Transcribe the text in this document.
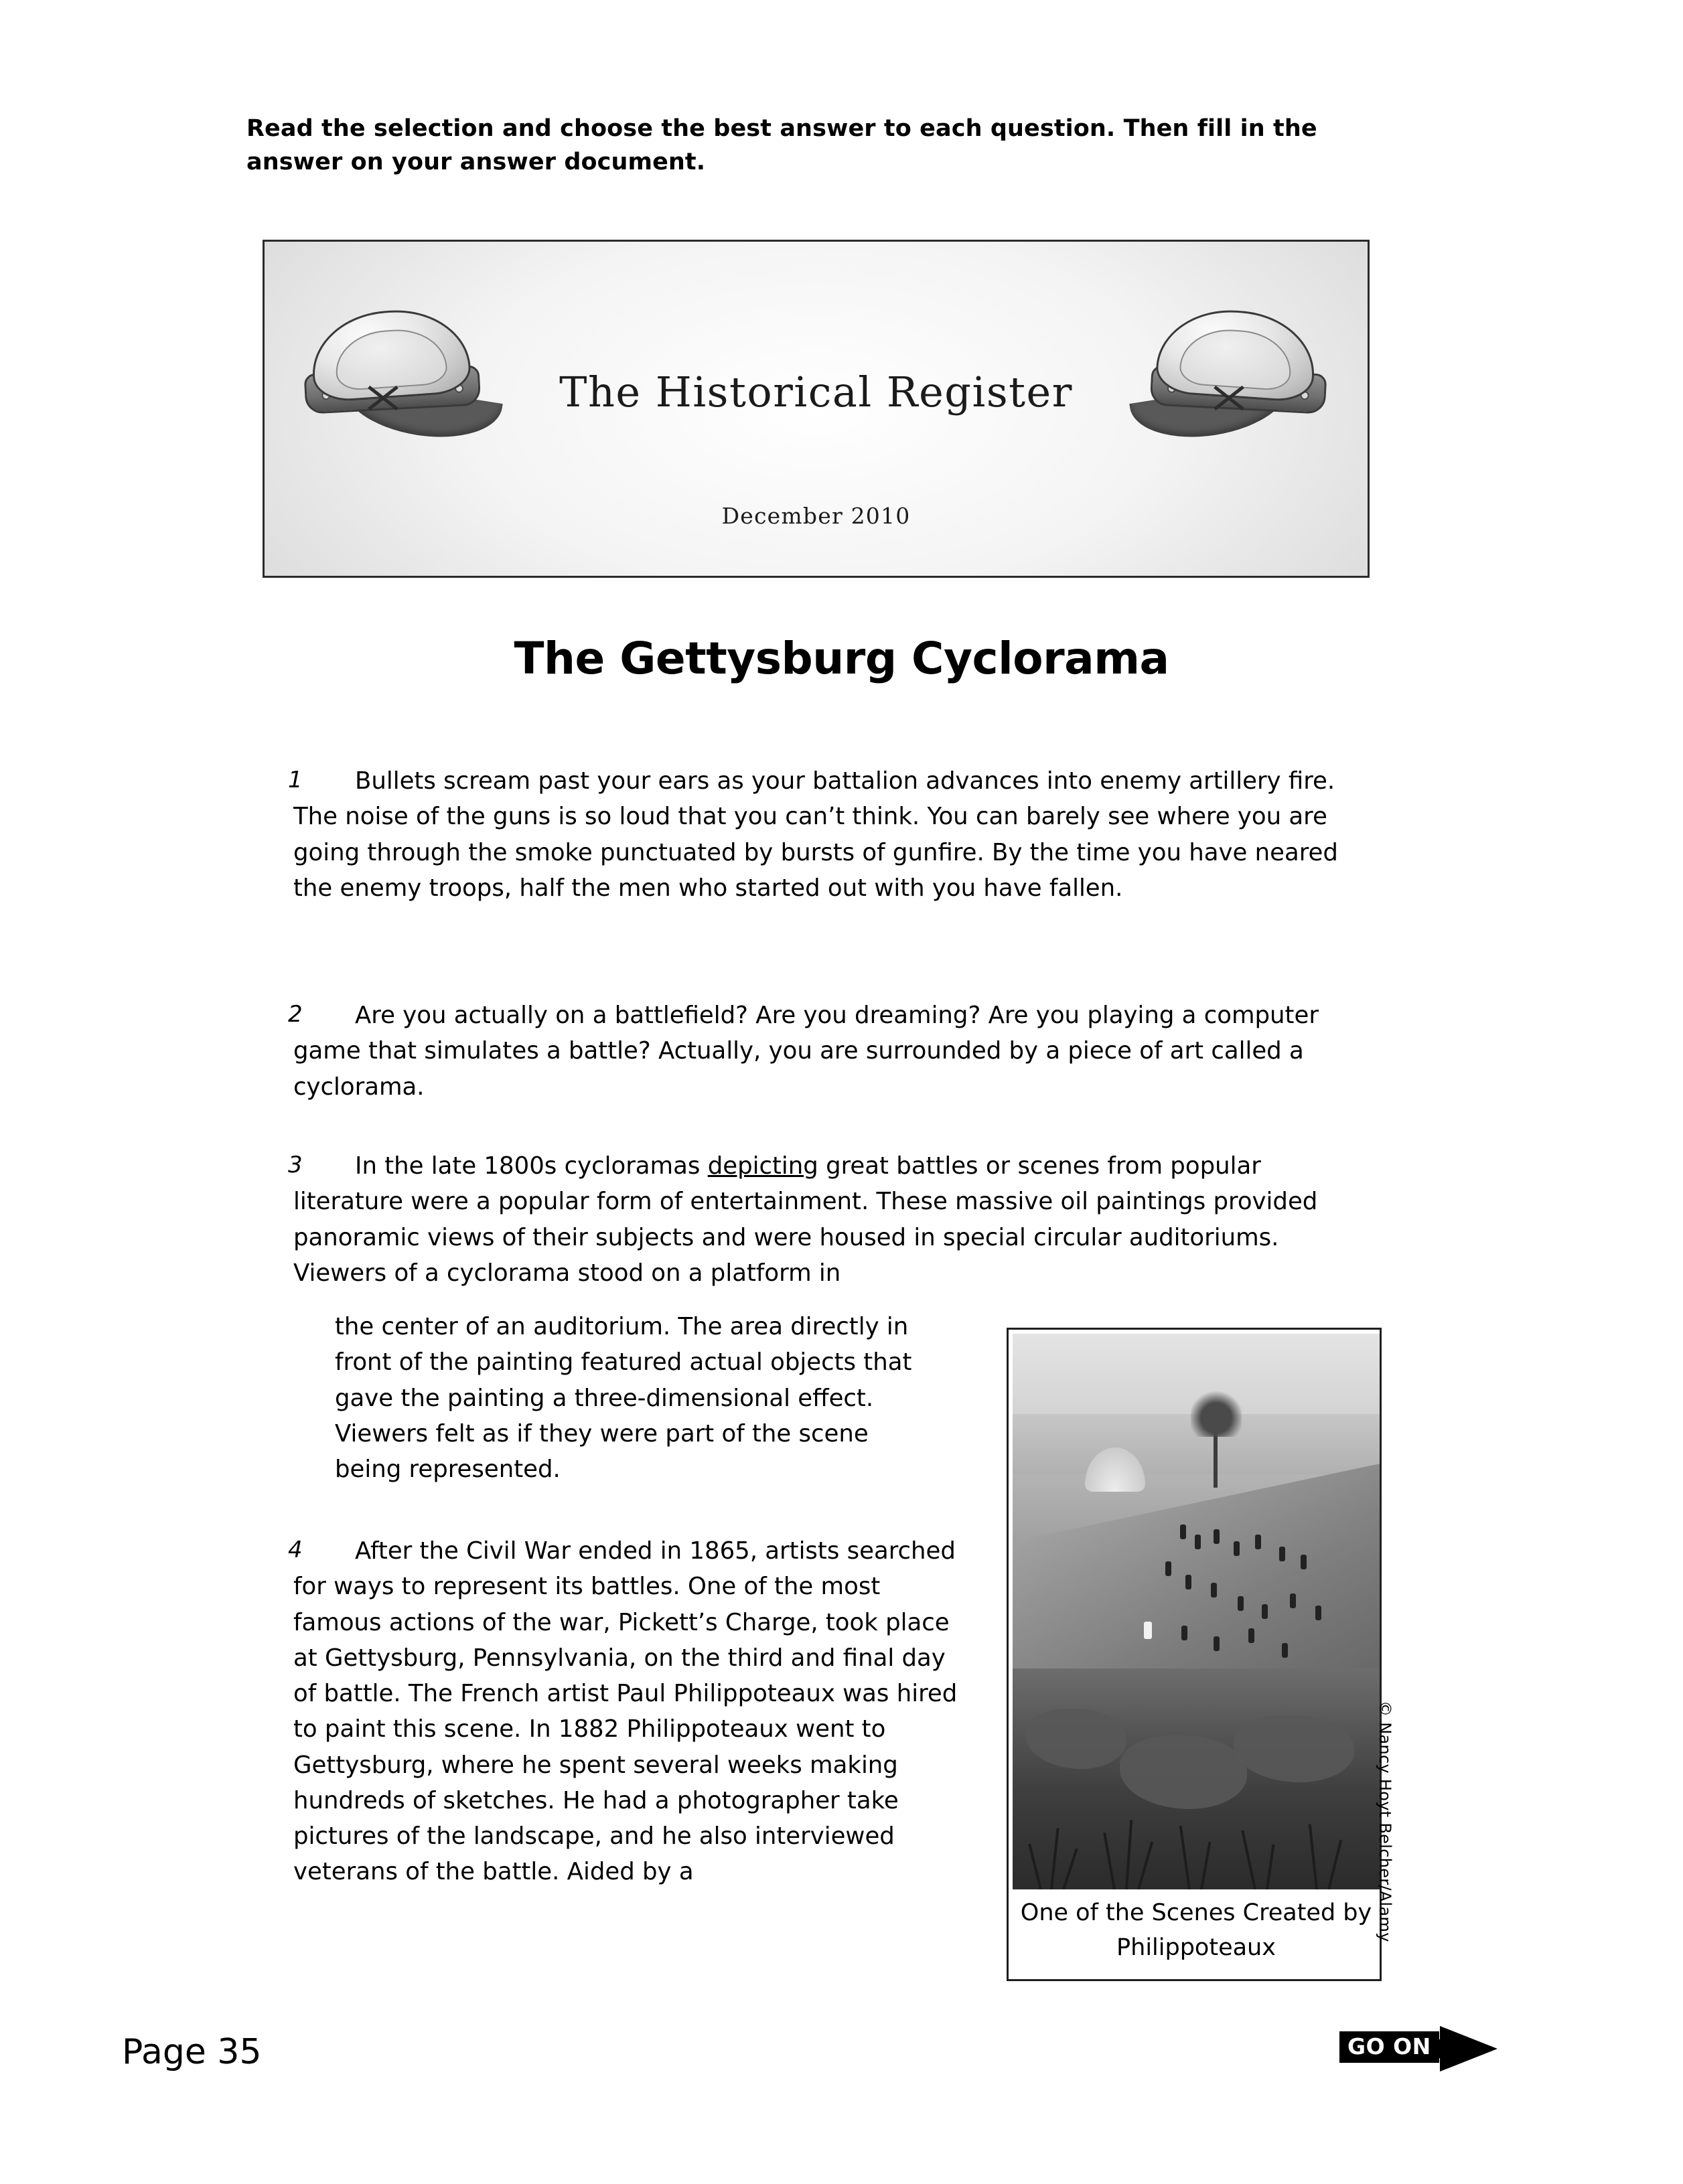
Read the selection and choose the best answer to each question. Then fill in the answer on your answer document.
The Historical Register
December 2010
The Gettysburg Cyclorama
1	Bullets scream past your ears as your battalion advances into enemy artillery fire. The noise of the guns is so loud that you can’t think. You can barely see where you are going through the smoke punctuated by bursts of gunfire. By the time you have neared the enemy troops, half the men who started out with you have fallen.
2	Are you actually on a battlefield? Are you dreaming? Are you playing a computer game that simulates a battle? Actually, you are surrounded by a piece of art called a cyclorama.
3	In the late 1800s cycloramas depicting great battles or scenes from popular literature were a popular form of entertainment. These massive oil paintings provided panoramic views of their subjects and were housed in special circular auditoriums. Viewers of a cyclorama stood on a platform in
the center of an auditorium. The area directly in front of the painting featured actual objects that gave the painting a three-dimensional effect. Viewers felt as if they were part of the scene being represented.
4	After the Civil War ended in 1865, artists searched for ways to represent its battles. One of the most famous actions of the war, Pickett’s Charge, took place at Gettysburg, Pennsylvania, on the third and final day of battle. The French artist Paul Philippoteaux was hired to paint this scene. In 1882 Philippoteaux went to Gettysburg, where he spent several weeks making hundreds of sketches. He had a photographer take pictures of the landscape, and he also interviewed veterans of the battle. Aided by a
One of the Scenes Created by Philippoteaux
© Nancy Hoyt Belcher/Alamy
Page 35	GO ON
